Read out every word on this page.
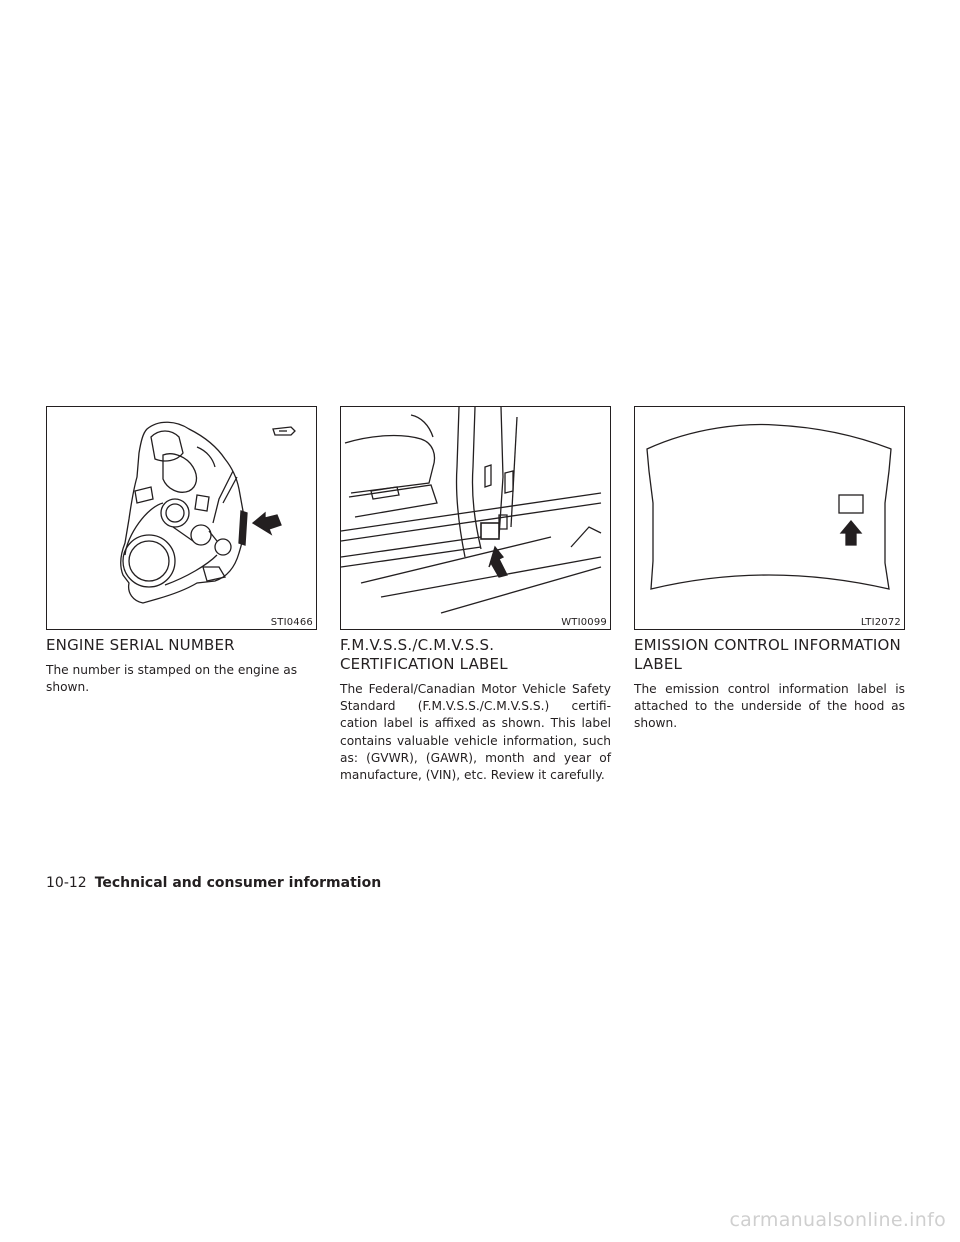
STI0466
ENGINE SERIAL NUMBER

The number is stamped on the engine as shown.

WTI0099
F.M.V.S.S./C.M.V.S.S. CERTIFICATION LABEL

The Federal/Canadian Motor Vehicle Safety Standard (F.M.V.S.S./C.M.V.S.S.) certifi-cation label is affixed as shown. This label contains valuable vehicle information, such as: (GVWR), (GAWR), month and year of manufacture, (VIN), etc. Review it carefully.

LTI2072
EMISSION CONTROL INFORMATION LABEL

The emission control information label is attached to the underside of the hood as shown.

10-12 Technical and consumer information
carmanualsonline.info
